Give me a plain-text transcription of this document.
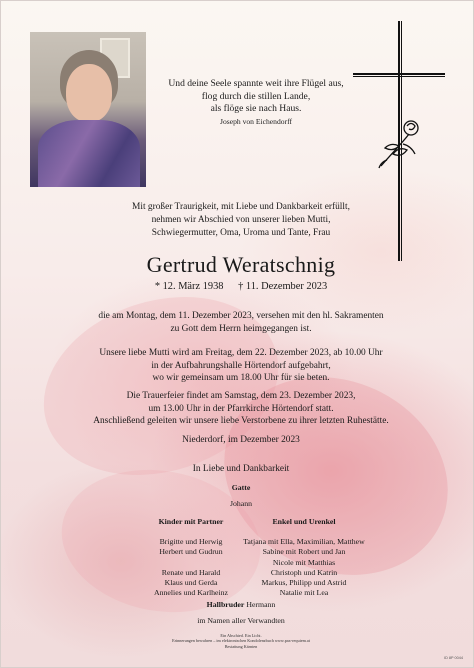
Und deine Seele spannte weit ihre Flügel aus,
flog durch die stillen Lande,
als flöge sie nach Haus.
Joseph von Eichendorff
Mit großer Traurigkeit, mit Liebe und Dankbarkeit erfüllt,
nehmen wir Abschied von unserer lieben Mutti,
Schwiegermutter, Oma, Uroma und Tante, Frau
Gertrud Weratschnig
* 12. März 1938 † 11. Dezember 2023
die am Montag, dem 11. Dezember 2023, versehen mit den hl. Sakramenten
zu Gott dem Herrn heimgegangen ist.
Unsere liebe Mutti wird am Freitag, dem 22. Dezember 2023, ab 10.00 Uhr
in der Aufbahrungshalle Hörtendorf aufgebahrt,
wo wir gemeinsam um 18.00 Uhr für sie beten.
Die Trauerfeier findet am Samstag, dem 23. Dezember 2023,
um 13.00 Uhr in der Pfarrkirche Hörtendorf statt.
Anschließend geleiten wir unsere liebe Verstorbene zu ihrer letzten Ruhestätte.
Niederdorf, im Dezember 2023
In Liebe und Dankbarkeit
Gatte
Johann
Kinder mit Partner
Brigitte und Herwig
Herbert und Gudrun
Renate und Harald
Klaus und Gerda
Annelies und Karlheinz
Enkel und Urenkel
Tatjana mit Ella, Maximilian, Matthew
Sabine mit Robert und Jan
Nicole mit Matthias
Christoph und Katrin
Markus, Philipp und Astrid
Natalie mit Lea
Hallbruder Hermann
im Namen aller Verwandten
Ein Abschied. Ein Licht.
Erinnerungen bewahren – im elektronischen Kondolenzbuch www.pax-requiem.at
Bestattung Kärnten
ID 8P 0044
